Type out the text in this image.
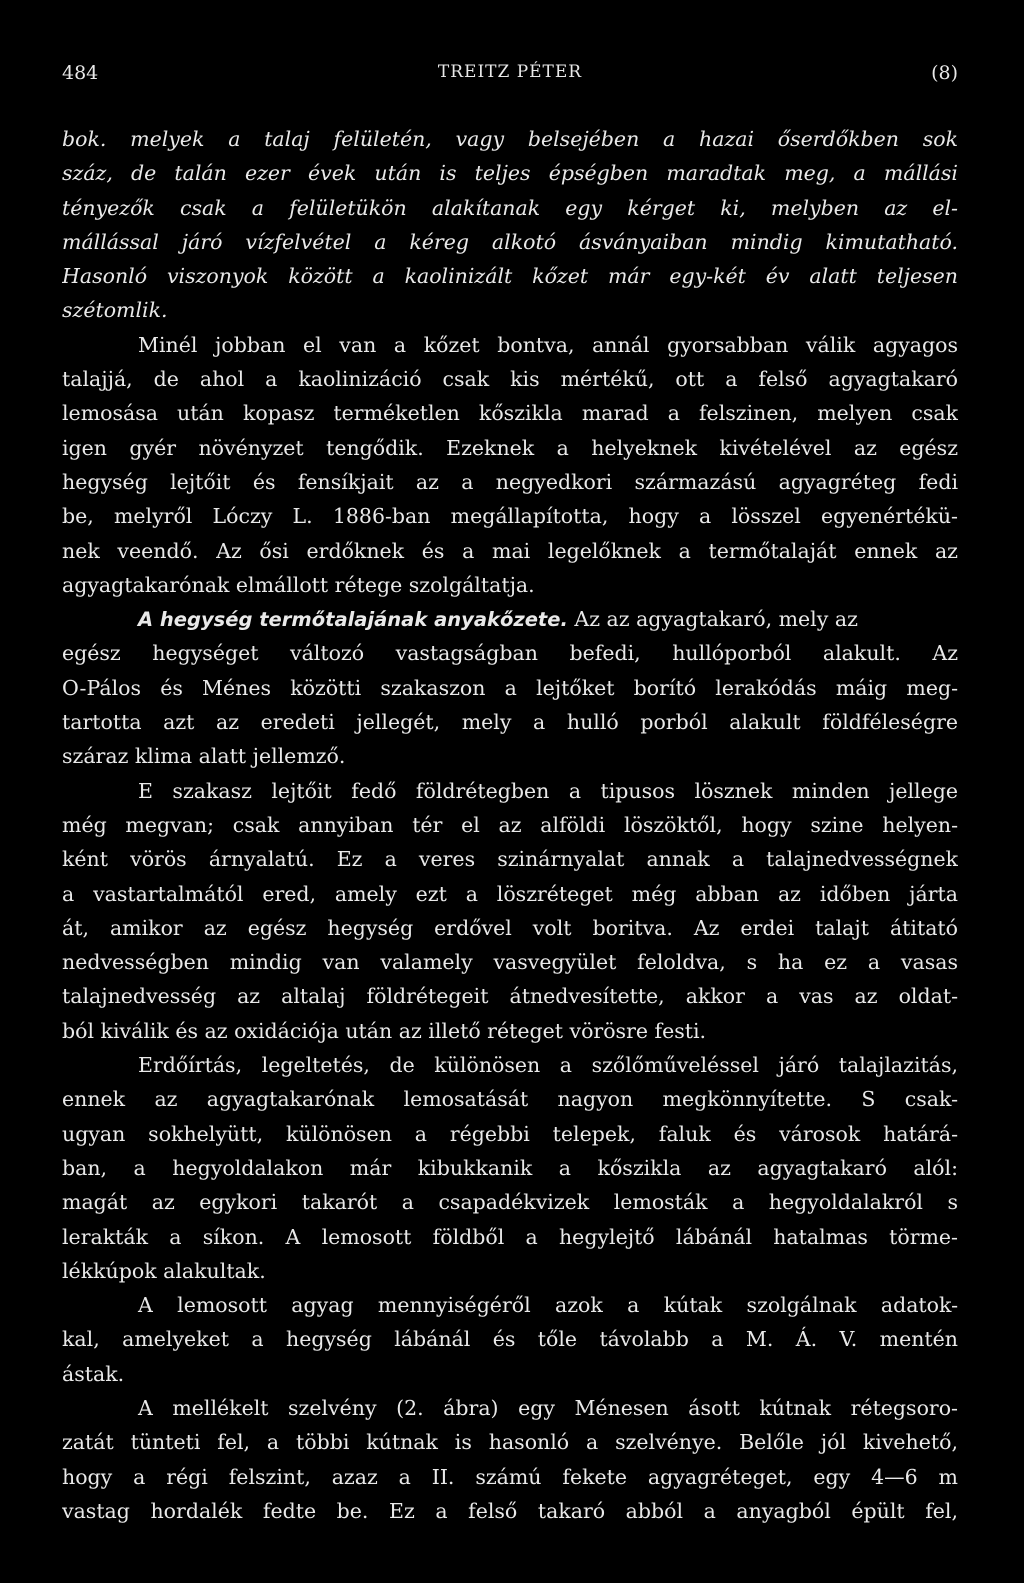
484	TREITZ PÉTER	(8)
bok. melyek a talaj felületén, vagy belsejében a hazai őserdőkben sok
száz, de talán ezer évek után is teljes épségben maradtak meg, a mállási
tényezők csak a felületükön alakítanak egy kérget ki, melyben az el-
mállással járó vízfelvétel a kéreg alkotó ásványaiban mindig kimutatható.
Hasonló viszonyok között a kaolinizált kőzet már egy-két év alatt teljesen
szétomlik.
Minél jobban el van a kőzet bontva, annál gyorsabban válik agyagos
talajjá, de ahol a kaolinizáció csak kis mértékű, ott a felső agyagtakaró
lemosása után kopasz terméketlen kőszikla marad a felszinen, melyen csak
igen gyér növényzet tengődik. Ezeknek a helyeknek kivételével az egész
hegység lejtőit és fensíkjait az a negyedkori származású agyagréteg fedi
be, melyről Lóczy L. 1886-ban megállapította, hogy a lösszel egyenértékü-
nek veendő. Az ősi erdőknek és a mai legelőknek a termőtalaját ennek az
agyagtakarónak elmállott rétege szolgáltatja.
A hegység termőtalajának anyakőzete. Az az agyagtakaró, mely az
egész hegységet változó vastagságban befedi, hullóporból alakult. Az
O-Pálos és Ménes közötti szakaszon a lejtőket borító lerakódás máig meg-
tartotta azt az eredeti jellegét, mely a hulló porból alakult földféleségre
száraz klima alatt jellemző.
E szakasz lejtőit fedő földrétegben a tipusos lösznek minden jellege
még megvan; csak annyiban tér el az alföldi löszöktől, hogy szine helyen-
ként vörös árnyalatú. Ez a veres szinárnyalat annak a talajnedvességnek
a vastartalmától ered, amely ezt a löszréteget még abban az időben járta
át, amikor az egész hegység erdővel volt boritva. Az erdei talajt átitató
nedvességben mindig van valamely vasvegyület feloldva, s ha ez a vasas
talajnedvesség az altalaj földrétegeit átnedvesítette, akkor a vas az oldat-
ból kiválik és az oxidációja után az illető réteget vörösre festi.
Erdőírtás, legeltetés, de különösen a szőlőműveléssel járó talajlazitás,
ennek az agyagtakarónak lemosatását nagyon megkönnyítette. S csak-
ugyan sokhelyütt, különösen a régebbi telepek, faluk és városok határá-
ban, a hegyoldalakon már kibukkanik a kőszikla az agyagtakaró alól:
magát az egykori takarót a csapadékvizek lemosták a hegyoldalakról s
lerakták a síkon. A lemosott földből a hegylejtő lábánál hatalmas törme-
lékkúpok alakultak.
A lemosott agyag mennyiségéről azok a kútak szolgálnak adatok-
kal, amelyeket a hegység lábánál és tőle távolabb a M. Á. V. mentén
ástak.
A mellékelt szelvény (2. ábra) egy Ménesen ásott kútnak rétegsoro-
zatát tünteti fel, a többi kútnak is hasonló a szelvénye. Belőle jól kivehető,
hogy a régi felszint, azaz a II. számú fekete agyagréteget, egy 4—6 m
vastag hordalék fedte be. Ez a felső takaró abból a anyagból épült fel,
